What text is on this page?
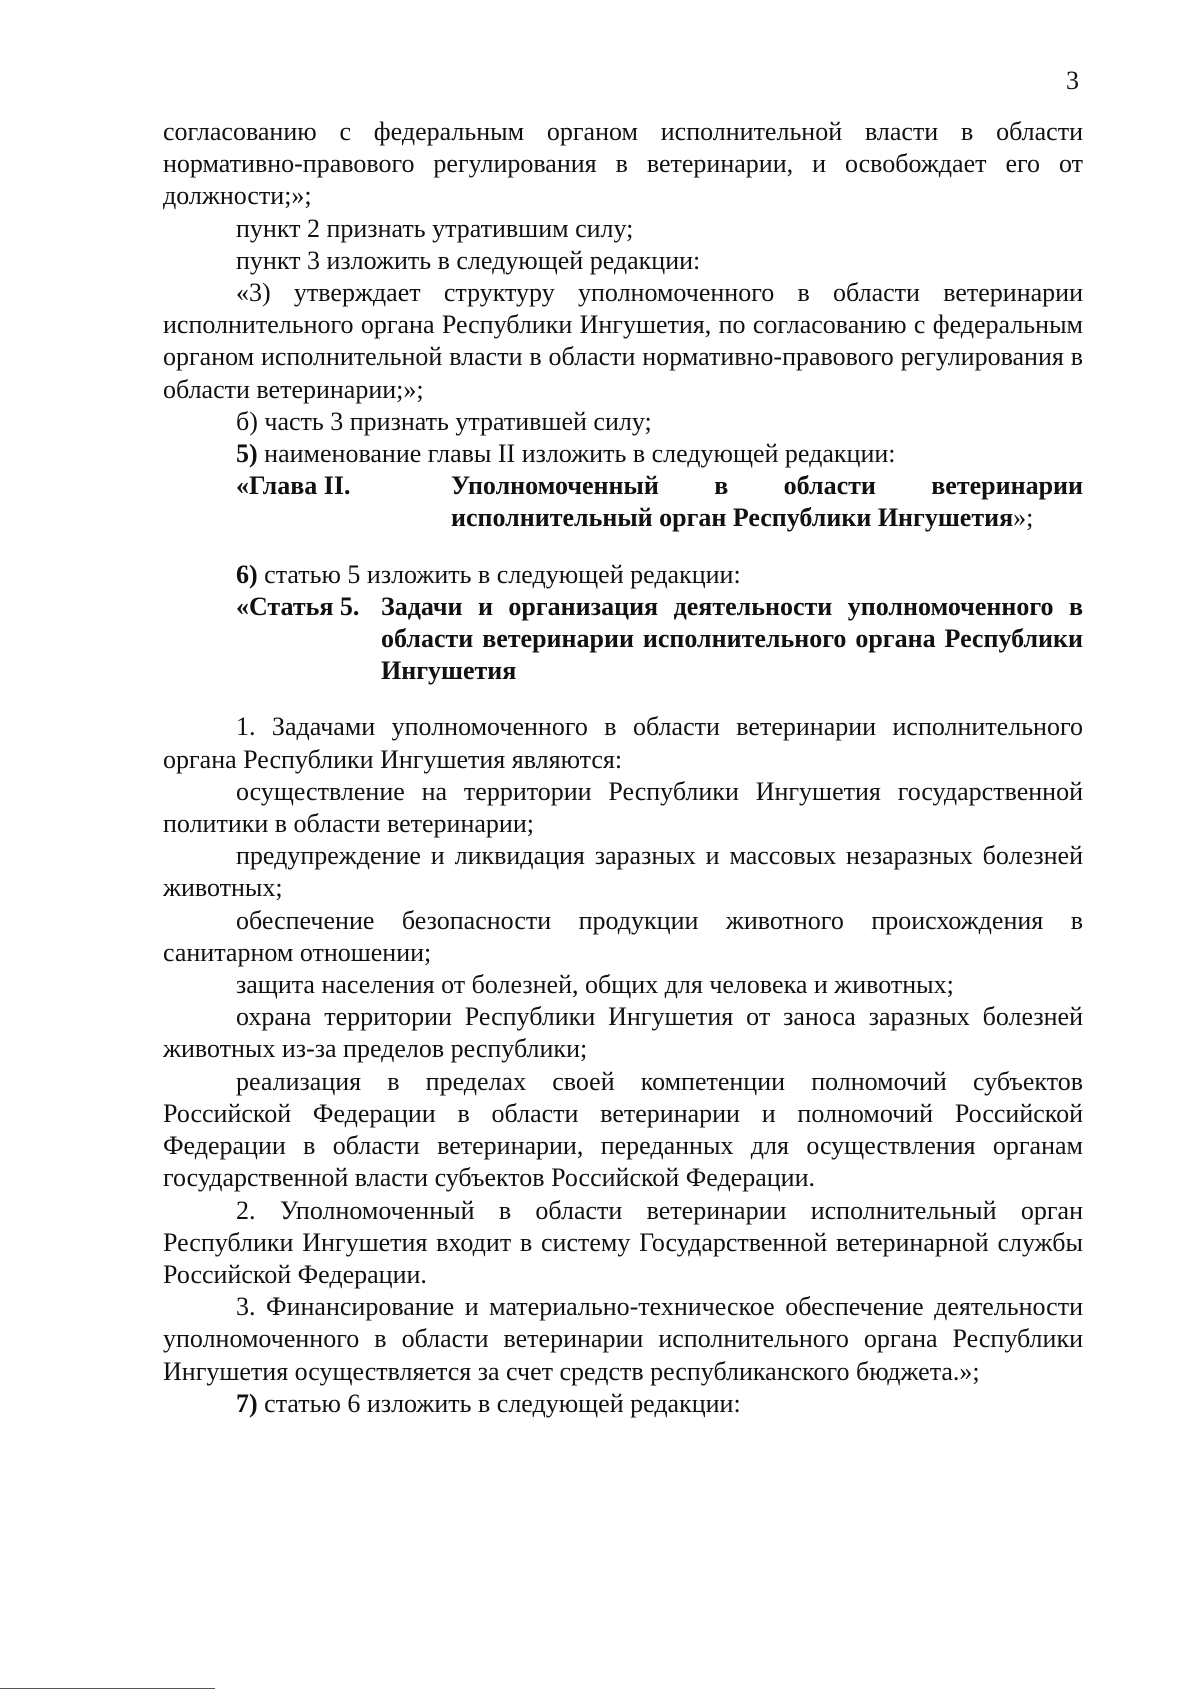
3

согласованию с федеральным органом исполнительной власти в области нормативно-правового регулирования в ветеринарии, и освобождает его от должности;»;

пункт 2 признать утратившим силу;

пункт 3 изложить в следующей редакции:

«3) утверждает структуру уполномоченного в области ветеринарии исполнительного органа Республики Ингушетия, по согласованию с федеральным органом исполнительной власти в области нормативно-правового регулирования в области ветеринарии;»;

б) часть 3 признать утратившей силу;

5) наименование главы II изложить в следующей редакции:

«Глава II.	Уполномоченный в области ветеринарии исполнительный орган Республики Ингушетия»;

6) статью 5 изложить в следующей редакции:

«Статья 5. Задачи и организация деятельности уполномоченного в области ветеринарии исполнительного органа Республики Ингушетия

1. Задачами уполномоченного в области ветеринарии исполнительного органа Республики Ингушетия являются:

осуществление на территории Республики Ингушетия государственной политики в области ветеринарии;

предупреждение и ликвидация заразных и массовых незаразных болезней животных;

обеспечение безопасности продукции животного происхождения в санитарном отношении;

защита населения от болезней, общих для человека и животных;

охрана территории Республики Ингушетия от заноса заразных болезней животных из-за пределов республики;

реализация в пределах своей компетенции полномочий субъектов Российской Федерации в области ветеринарии и полномочий Российской Федерации в области ветеринарии, переданных для осуществления органам государственной власти субъектов Российской Федерации.

2. Уполномоченный в области ветеринарии исполнительный орган Республики Ингушетия входит в систему Государственной ветеринарной службы Российской Федерации.

3. Финансирование и материально-техническое обеспечение деятельности уполномоченного в области ветеринарии исполнительного органа Республики Ингушетия осуществляется за счет средств республиканского бюджета.»;

7) статью 6 изложить в следующей редакции:
